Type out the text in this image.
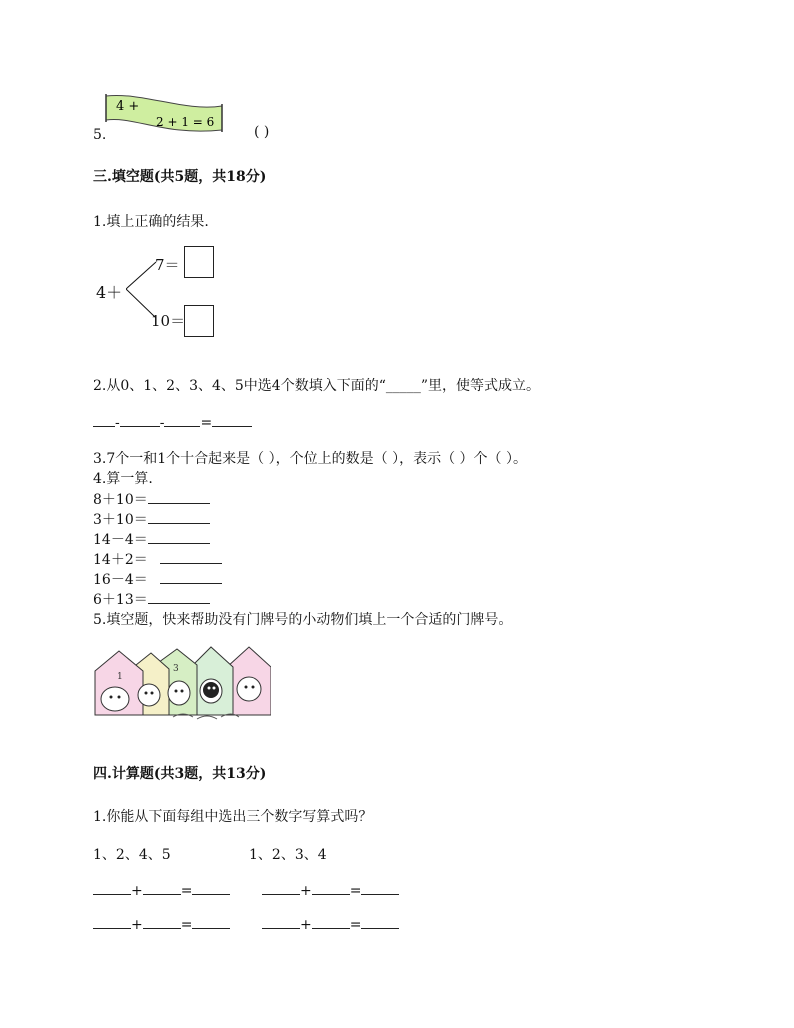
5.
4 +
2 + 1 = 6
( )
三.填空题(共5题，共18分)
1.填上正确的结果.
4＋
7＝
10＝
2.从0、1、2、3、4、5中选4个数填入下面的“_____”里，使等式成立。
-	-	=
3.7个一和1个十合起来是（ ），个位上的数是（ ），表示（ ）个（ ）。
4.算一算.
8＋10＝
3＋10＝
14－4＝
14＋2＝
16－4＝
6＋13＝
5.填空题，快来帮助没有门牌号的小动物们填上一个合适的门牌号。
1
3
四.计算题(共3题，共13分)
1.你能从下面每组中选出三个数字写算式吗？
1、2、4、5	1、2、3、4
+	=	+	=
+	=	+	=
